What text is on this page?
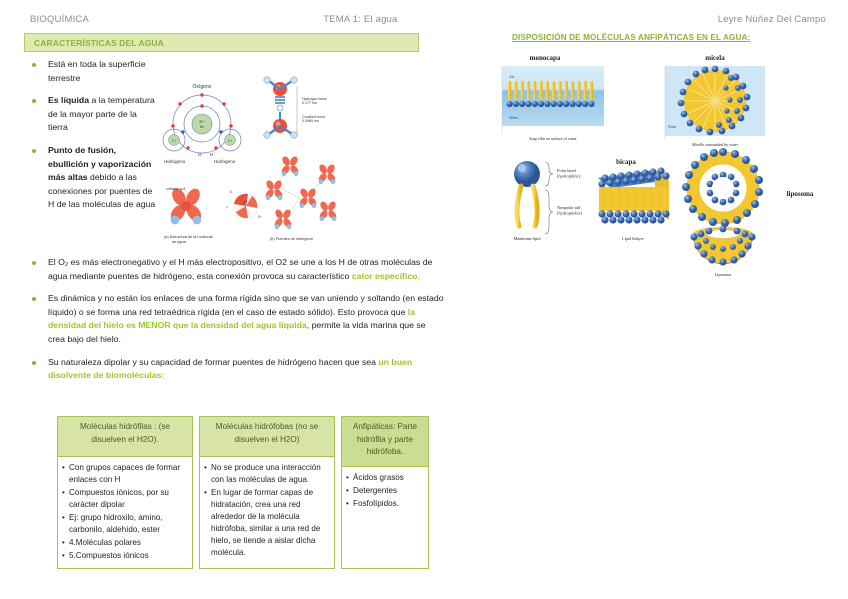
BIOQUÍMICA	TEMA 1: El agua	Leyre Núñez Del Campo
CARACTERÍSTICAS DEL AGUA
Está en toda la superficie terrestre
Es líquida a la temperatura de la mayor parte de la tierra
Punto de fusión, ebullición y vaporización más altas debido a las conexiones por puentes de H de las moléculas de agua
8+
8n
1+	1+
Oxígeno
Hidrógeno	Hidrógeno
O H
Hydrogen bond
0.177 nm
Covalent bond
0.0965 nm
orbitales sp3
(a) Estructura de la molécula
de agua
H
δ-
δ+
=
(b) Puentes de hidrógeno
El O₂ es más electronegativo y el H más electropositivo, el O2 se une a los H de otras moléculas de agua mediante puentes de hidrógeno, esta conexión provoca su característico calor específico.
Es dinámica y no están los enlaces de una forma rígida sino que se van uniendo y soltando (en estado líquido) o se forma una red tetraédrica rígida (en el caso de estado sólido). Esto provoca que la densidad del hielo es MENOR que la densidad del agua líquida, permite la vida marina que se crea bajo del hielo.
Su naturaleza dipolar y su capacidad de formar puentes de hidrógeno hacen que sea un buen disolvente de biomoléculas:
DISPOSICIÓN DE MOLÉCULAS ANFIPÁTICAS EN EL AGUA:
monocapa
Air
Water
Soap film on surface of water
micela
Water
Micelle surrounded by water
Polar head
(hydrophilic)
Nonpolar tail
(hydrophobic)
Membrane lipid
bicapa
Lipid bilayer
liposoma
Liposome
Moléculas hidrófilas : (se disuelven el H2O).
• Con grupos capaces de formar enlaces con H
• Compuestos iónicos, por su carácter dipolar
• Ej: grupo hidroxilo, amino, carbonilo, aldehído, ester
• 4.Moléculas polares
• 5.Compuestos iónicos
Moléculas hidrófobas (no se disuelven el H2O)
• No se produce una interacción con las moléculas de agua.
• En lugar de formar capas de hidratación, crea una red alrededor de la molécula hidrófoba, similar a una red de hielo, se tiende a aislar dicha molécula.
Anfipáticas: Parte hidrófila y parte hidrófoba.
• Ácidos grasos
• Detergentes
• Fosfolípidos.
